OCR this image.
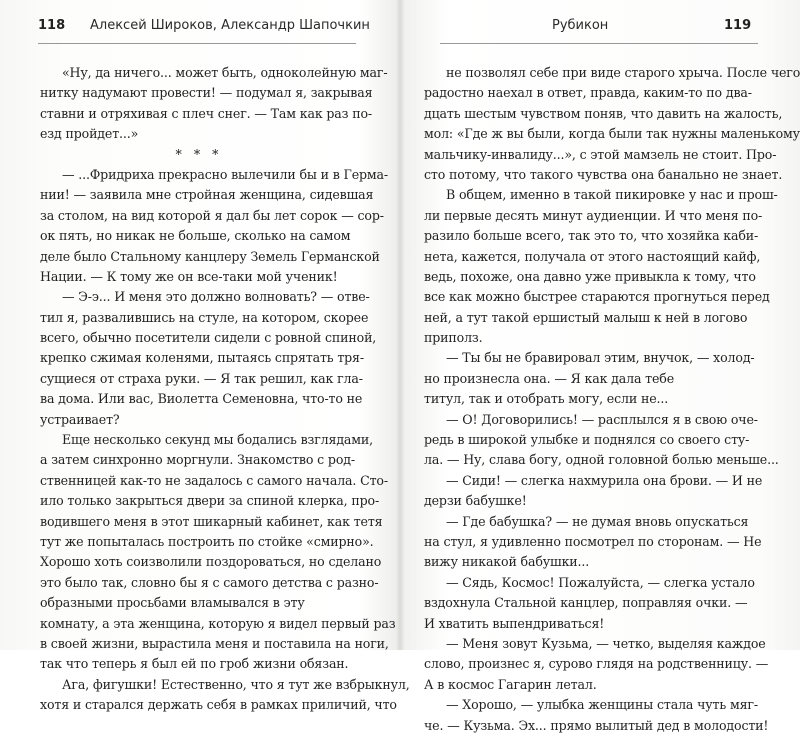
118 Алексей Широков, Александр Шапочкин
«Ну, да ничего... может быть, одноколейную маг-
нитку надумают провести! — подумал я, закрывая
ставни и отряхивая с плеч снег. — Там как раз по-
езд пройдет...»
* * *
— ...Фридриха прекрасно вылечили бы и в Герма-
нии! — заявила мне стройная женщина, сидевшая
за столом, на вид которой я дал бы лет сорок — сор-
ок пять, но никак не больше, сколько на самом
деле было Стальному канцлеру Земель Германской
Нации. — К тому же он все-таки мой ученик!
— Э-э... И меня это должно волновать? — отве-
тил я, развалившись на стуле, на котором, скорее
всего, обычно посетители сидели с ровной спиной,
крепко сжимая коленями, пытаясь спрятать тря-
сущиеся от страха руки. — Я так решил, как гла-
ва дома. Или вас, Виолетта Семеновна, что-то не
устраивает?
Еще несколько секунд мы бодались взглядами,
а затем синхронно моргнули. Знакомство с род-
ственницей как-то не задалось с самого начала. Сто-
ило только закрыться двери за спиной клерка, про-
водившего меня в этот шикарный кабинет, как тетя
тут же попыталась построить по стойке «смирно».
Хорошо хоть соизволили поздороваться, но сделано
это было так, словно бы я с самого детства с разно-
образными просьбами вламывался в эту
комнату, а эта женщина, которую я видел первый раз
в своей жизни, вырастила меня и поставила на ноги,
так что теперь я был ей по гроб жизни обязан.
Ага, фигушки! Естественно, что я тут же взбрыкнул,
хотя и старался держать себя в рамках приличий, что
Рубикон	119
не позволял себе при виде старого хрыча. После чего
радостно наехал в ответ, правда, каким-то по два-
дцать шестым чувством поняв, что давить на жалость,
мол: «Где ж вы были, когда были так нужны маленькому
мальчику-инвалиду...», с этой мамзель не стоит. Про-
сто потому, что такого чувства она банально не знает.
В общем, именно в такой пикировке у нас и прош-
ли первые десять минут аудиенции. И что меня по-
разило больше всего, так это то, что хозяйка каби-
нета, кажется, получала от этого настоящий кайф,
ведь, похоже, она давно уже привыкла к тому, что
все как можно быстрее стараются прогнуться перед
ней, а тут такой ершистый малыш к ней в логово
приполз.
— Ты бы не бравировал этим, внучок, — холод-
но произнесла она. — Я как дала тебе
титул, так и отобрать могу, если не...
— О! Договорились! — расплылся я в свою оче-
редь в широкой улыбке и поднялся со своего сту-
ла. — Ну, слава богу, одной головной болью меньше...
— Сиди! — слегка нахмурила она брови. — И не
дерзи бабушке!
— Где бабушка? — не думая вновь опускаться
на стул, я удивленно посмотрел по сторонам. — Не
вижу никакой бабушки...
— Сядь, Космос! Пожалуйста, — слегка устало
вздохнула Стальной канцлер, поправляя очки. —
И хватить выпендриваться!
— Меня зовут Кузьма, — четко, выделяя каждое
слово, произнес я, сурово глядя на родственницу. —
А в космос Гагарин летал.
— Хорошо, — улыбка женщины стала чуть мяг-
че. — Кузьма. Эх... прямо вылитый дед в молодости!
